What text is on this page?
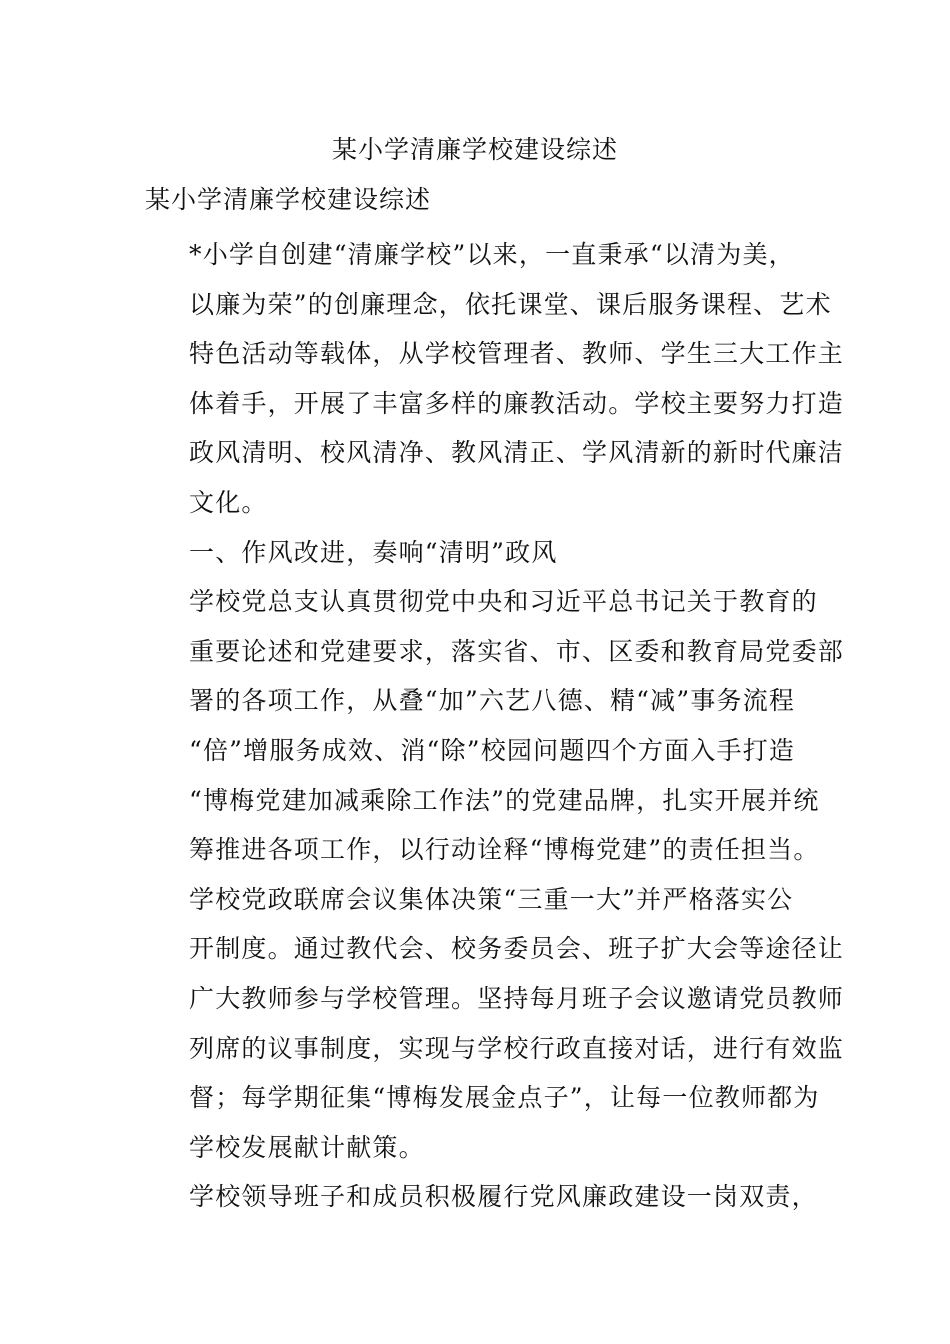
某小学清廉学校建设综述
某小学清廉学校建设综述

*小学自创建“清廉学校”以来，一直秉承“以清为美，
以廉为荣”的创廉理念，依托课堂、课后服务课程、艺术
特色活动等载体，从学校管理者、教师、学生三大工作主
体着手，开展了丰富多样的廉教活动。学校主要努力打造
政风清明、校风清净、教风清正、学风清新的新时代廉洁
文化。

一、作风改进，奏响“清明”政风

学校党总支认真贯彻党中央和习近平总书记关于教育的
重要论述和党建要求，落实省、市、区委和教育局党委部
署的各项工作，从叠“加”六艺八德、精“减”事务流程
“倍”增服务成效、消“除”校园问题四个方面入手打造
“博梅党建加减乘除工作法”的党建品牌，扎实开展并统
筹推进各项工作，以行动诠释“博梅党建”的责任担当。

学校党政联席会议集体决策“三重一大”并严格落实公
开制度。通过教代会、校务委员会、班子扩大会等途径让
广大教师参与学校管理。坚持每月班子会议邀请党员教师
列席的议事制度，实现与学校行政直接对话，进行有效监
督；每学期征集“博梅发展金点子”，让每一位教师都为
学校发展献计献策。

学校领导班子和成员积极履行党风廉政建设一岗双责，
